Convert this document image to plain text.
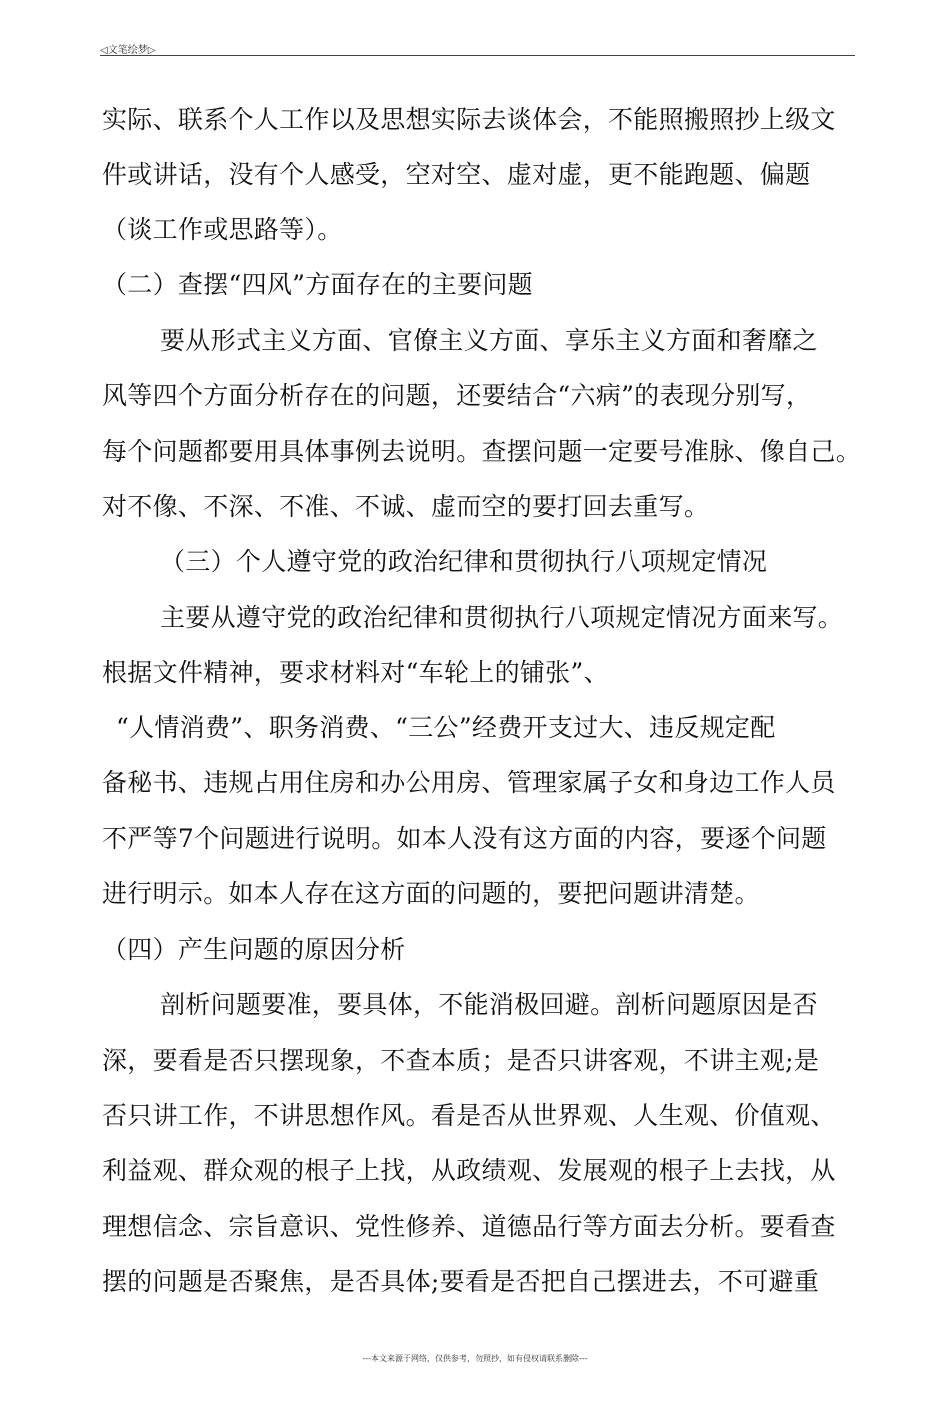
◁文笔绘梦▷
实际、联系个人工作以及思想实际去谈体会，不能照搬照抄上级文
件或讲话，没有个人感受，空对空、虚对虚，更不能跑题、偏题
（谈工作或思路等）。
（二）查摆“四风”方面存在的主要问题
要从形式主义方面、官僚主义方面、享乐主义方面和奢靡之
风等四个方面分析存在的问题，还要结合“六病”的表现分别写，
每个问题都要用具体事例去说明。查摆问题一定要号准脉、像自己。
对不像、不深、不准、不诚、虚而空的要打回去重写。
（三）个人遵守党的政治纪律和贯彻执行八项规定情况
主要从遵守党的政治纪律和贯彻执行八项规定情况方面来写。
根据文件精神，要求材料对“车轮上的铺张”、
“人情消费”、职务消费、“三公”经费开支过大、违反规定配
备秘书、违规占用住房和办公用房、管理家属子女和身边工作人员
不严等7个问题进行说明。如本人没有这方面的内容，要逐个问题
进行明示。如本人存在这方面的问题的，要把问题讲清楚。
（四）产生问题的原因分析
剖析问题要准，要具体，不能消极回避。剖析问题原因是否
深，要看是否只摆现象，不查本质；是否只讲客观，不讲主观;是
否只讲工作，不讲思想作风。看是否从世界观、人生观、价值观、
利益观、群众观的根子上找，从政绩观、发展观的根子上去找，从
理想信念、宗旨意识、党性修养、道德品行等方面去分析。要看查
摆的问题是否聚焦，是否具体;要看是否把自己摆进去，不可避重
---本文来源于网络，仅供参考，勿照抄，如有侵权请联系删除---
